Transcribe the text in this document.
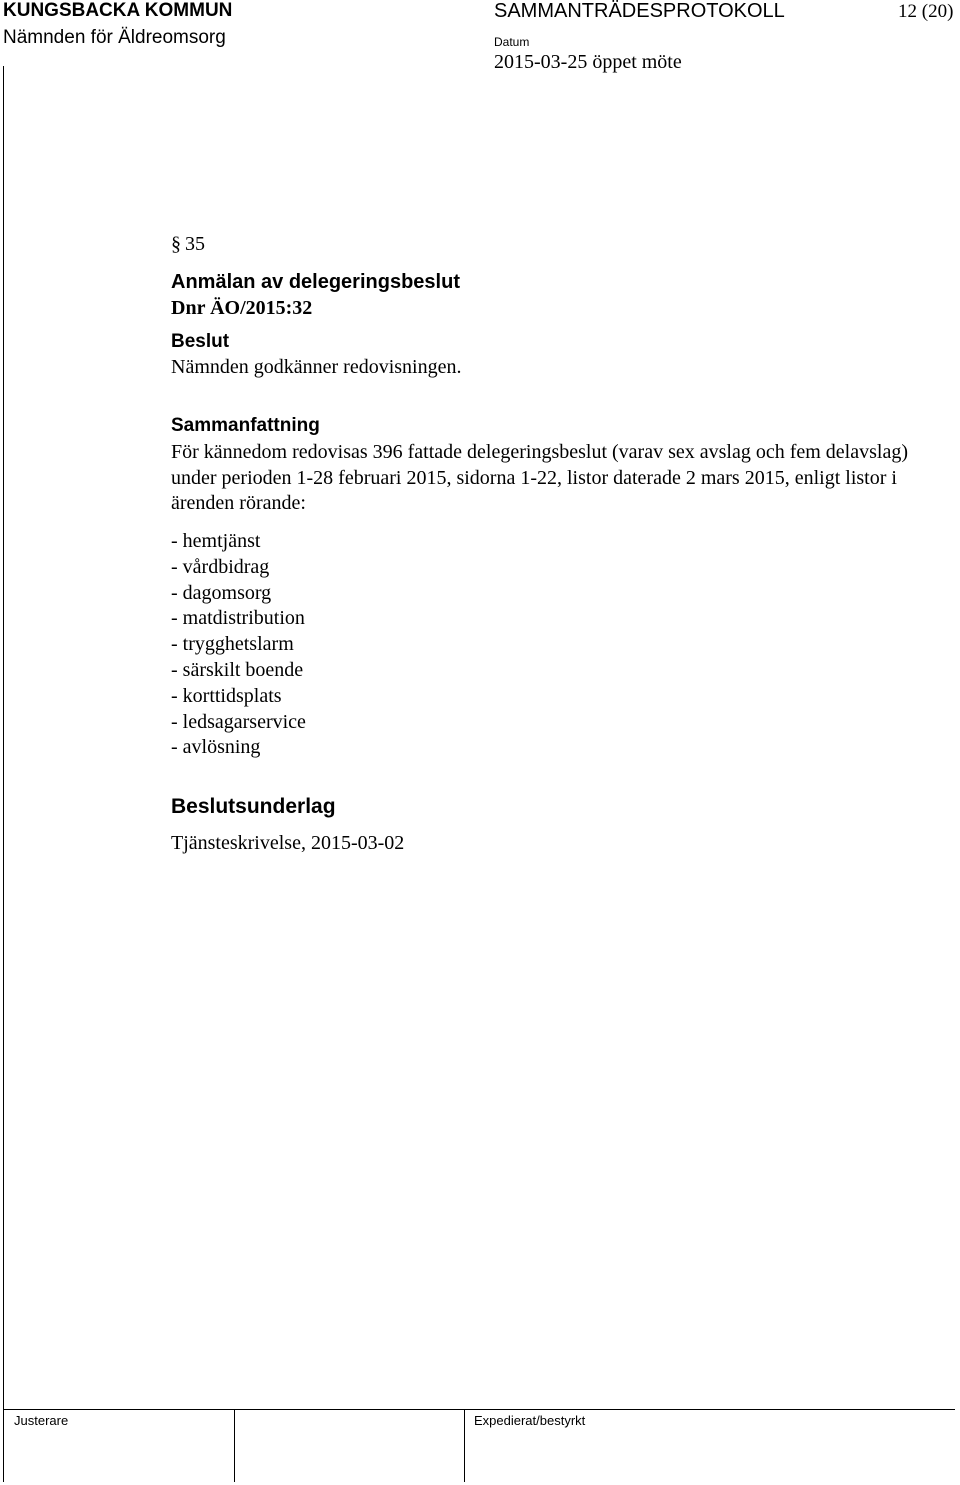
KUNGSBACKA KOMMUN
Nämnden för Äldreomsorg
SAMMANTRÄDESPROTOKOLL	12 (20)
Datum
2015-03-25 öppet möte
§ 35
Anmälan av delegeringsbeslut
Dnr ÄO/2015:32
Beslut
Nämnden godkänner redovisningen.
Sammanfattning
För kännedom redovisas 396 fattade delegeringsbeslut (varav sex avslag och fem delavslag) under perioden 1-28 februari 2015, sidorna 1-22, listor daterade 2 mars 2015, enligt listor i ärenden rörande:
- hemtjänst
- vårdbidrag
- dagomsorg
- matdistribution
- trygghetslarm
- särskilt boende
- korttidsplats
- ledsagarservice
- avlösning
Beslutsunderlag
Tjänsteskrivelse, 2015-03-02
Justerare	Expedierat/bestyrkt
